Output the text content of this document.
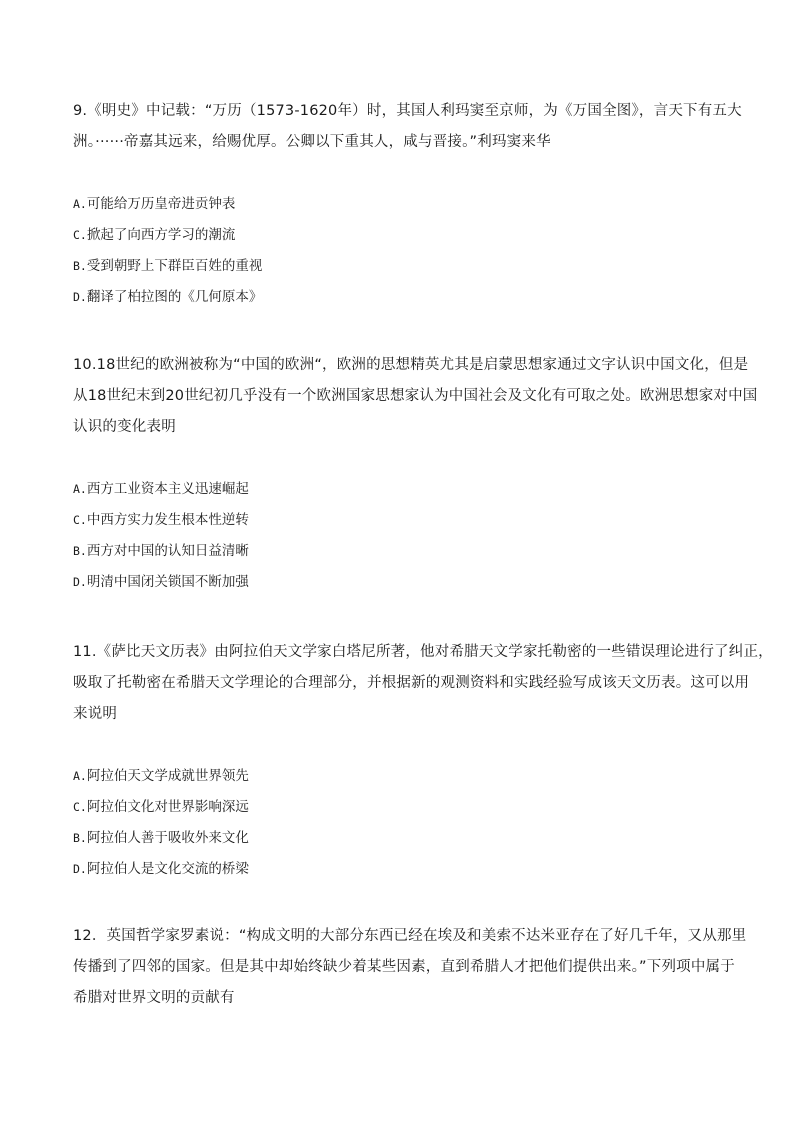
9.《明史》中记载：“万历（1573-1620年）时，其国人利玛窦至京师，为《万国全图》，言天下有五大
洲。······帝嘉其远来，给赐优厚。公卿以下重其人，咸与晋接。”利玛窦来华

A.可能给万历皇帝进贡钟表
C.掀起了向西方学习的潮流
B.受到朝野上下群臣百姓的重视
D.翻译了柏拉图的《几何原本》

10.18世纪的欧洲被称为“中国的欧洲“，欧洲的思想精英尤其是启蒙思想家通过文字认识中国文化，但是
从18世纪末到20世纪初几乎没有一个欧洲国家思想家认为中国社会及文化有可取之处。欧洲思想家对中国
认识的变化表明

A.西方工业资本主义迅速崛起
C.中西方实力发生根本性逆转
B.西方对中国的认知日益清晰
D.明清中国闭关锁国不断加强

11.《萨比天文历表》由阿拉伯天文学家白塔尼所著，他对希腊天文学家托勒密的一些错误理论进行了纠正，
吸取了托勒密在希腊天文学理论的合理部分，并根据新的观测资料和实践经验写成该天文历表。这可以用
来说明

A.阿拉伯天文学成就世界领先
C.阿拉伯文化对世界影响深远
B.阿拉伯人善于吸收外来文化
D.阿拉伯人是文化交流的桥梁

12．英国哲学家罗素说：“构成文明的大部分东西已经在埃及和美索不达米亚存在了好几千年，又从那里
传播到了四邻的国家。但是其中却始终缺少着某些因素，直到希腊人才把他们提供出来。”下列项中属于
希腊对世界文明的贡献有
